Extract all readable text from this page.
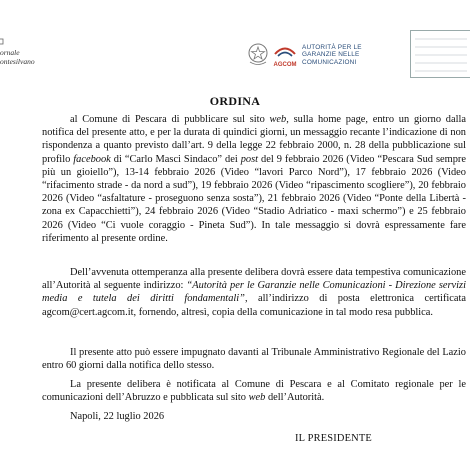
ornale
ontesilvano	AGCOM
AUTORITÀ PER LE
GARANZIE NELLE
COMUNICAZIONI
ORDINA

al Comune di Pescara di pubblicare sul sito web, sulla home page, entro un giorno dalla notifica del presente atto, e per la durata di quindici giorni, un messaggio recante l’indicazione di non rispondenza a quanto previsto dall’art. 9 della legge 22 febbraio 2000, n. 28 della pubblicazione sul profilo facebook di “Carlo Masci Sindaco” dei post del 9 febbraio 2026 (Video “Pescara Sud sempre più un gioiello”), 13-14 febbraio 2026 (Video “lavori Parco Nord”), 17 febbraio 2026 (Video “rifacimento strade - da nord a sud”), 19 febbraio 2026 (Video “ripascimento scogliere”), 20 febbraio 2026 (Video “asfaltature - proseguono senza sosta”), 21 febbraio 2026 (Video “Ponte della Libertà - zona ex Capacchietti”), 24 febbraio 2026 (Video “Stadio Adriatico - maxi schermo”) e 25 febbraio 2026 (Video “Ci vuole coraggio - Pineta Sud”). In tale messaggio si dovrà espressamente fare riferimento al presente ordine.

Dell’avvenuta ottemperanza alla presente delibera dovrà essere data tempestiva comunicazione all’Autorità al seguente indirizzo: “Autorità per le Garanzie nelle Comunicazioni - Direzione servizi media e tutela dei diritti fondamentali”, all’indirizzo di posta elettronica certificata agcom@cert.agcom.it, fornendo, altresì, copia della comunicazione in tal modo resa pubblica.

Il presente atto può essere impugnato davanti al Tribunale Amministrativo Regionale del Lazio entro 60 giorni dalla notifica dello stesso.

La presente delibera è notificata al Comune di Pescara e al Comitato regionale per le comunicazioni dell’Abruzzo e pubblicata sul sito web dell’Autorità.

Napoli, 22 luglio 2026
IL PRESIDENTE
